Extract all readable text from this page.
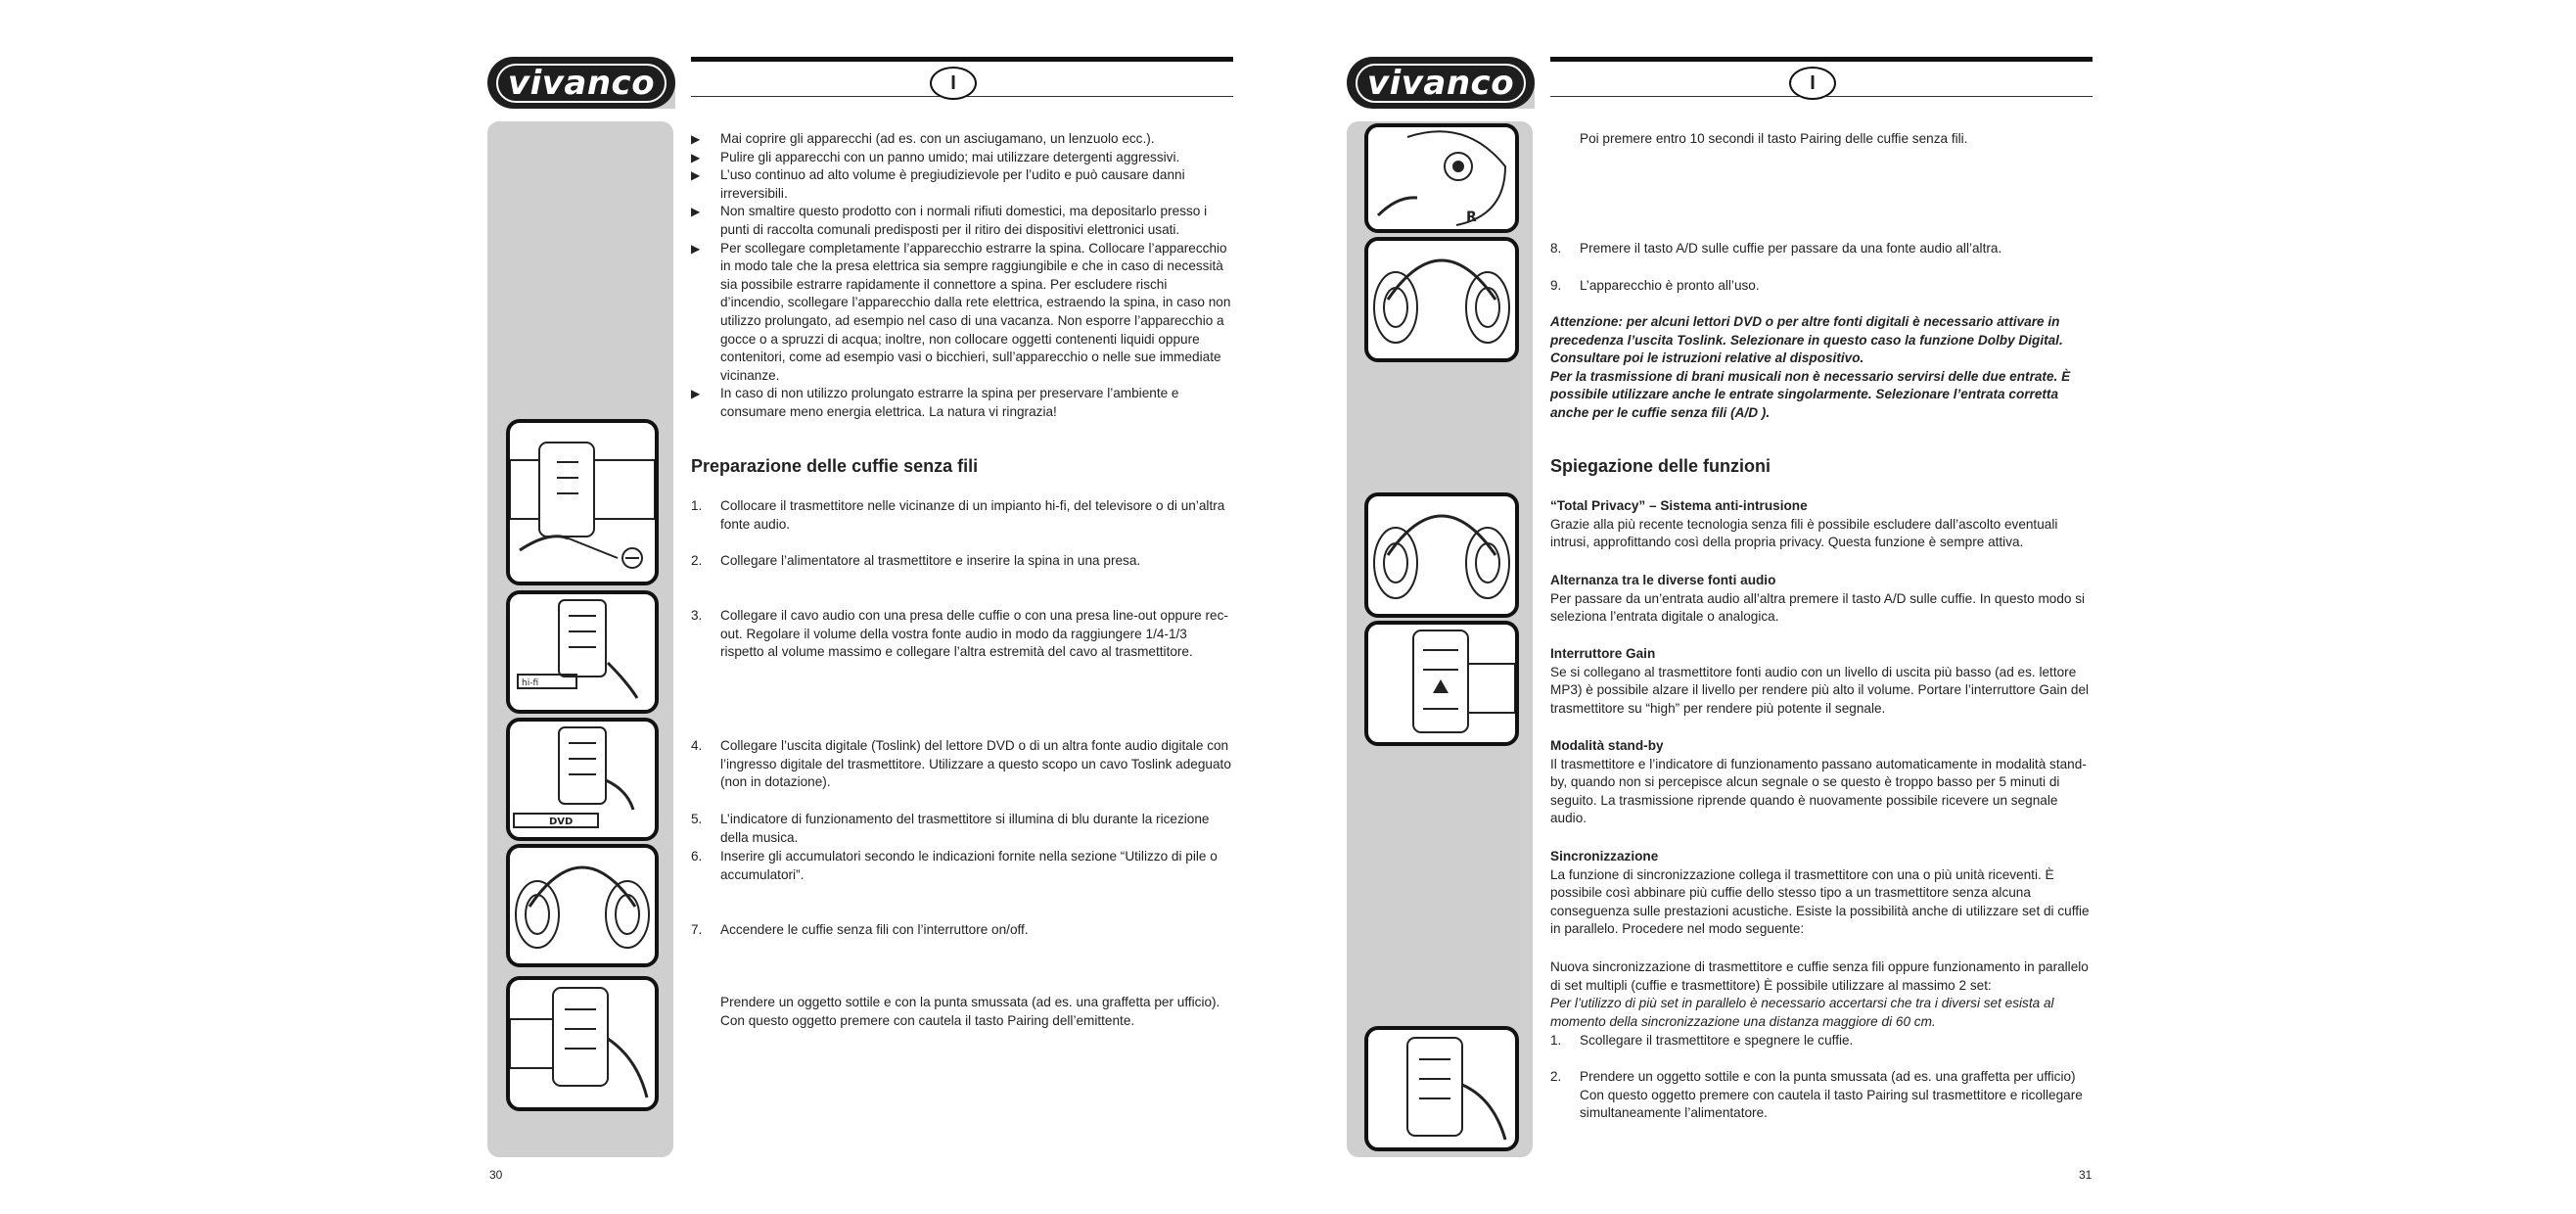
vivanco	I
hi-fi
DVD
▶	Mai coprire gli apparecchi (ad es. con un asciugamano, un lenzuolo ecc.).
▶	Pulire gli apparecchi con un panno umido; mai utilizzare detergenti aggressivi.
▶	L’uso continuo ad alto volume è pregiudizievole per l’udito e può causare danni irreversibili.
▶	Non smaltire questo prodotto con i normali rifiuti domestici, ma depositarlo presso i punti di raccolta comunali predisposti per il ritiro dei dispositivi elettronici usati.
▶	Per scollegare completamente l’apparecchio estrarre la spina. Collocare l’apparecchio in modo tale che la presa elettrica sia sempre raggiungibile e che in caso di necessità sia possibile estrarre rapidamente il connettore a spina. Per escludere rischi d’incendio, scollegare l’apparecchio dalla rete elettrica, estraendo la spina, in caso non utilizzo prolungato, ad esempio nel caso di una vacanza. Non esporre l’apparecchio a gocce o a spruzzi di acqua; inoltre, non collocare oggetti contenenti liquidi oppure contenitori, come ad esempio vasi o bicchieri, sull’apparecchio o nelle sue immediate vicinanze.
▶	In caso di non utilizzo prolungato estrarre la spina per preservare l’ambiente e consumare meno energia elettrica. La natura vi ringrazia!
Preparazione delle cuffie senza fili
1.	Collocare il trasmettitore nelle vicinanze di un impianto hi-fi, del televisore o di un’altra fonte audio.
2.	Collegare l’alimentatore al trasmettitore e inserire la spina in una presa.
3.	Collegare il cavo audio con una presa delle cuffie o con una presa line-out oppure rec-out. Regolare il volume della vostra fonte audio in modo da raggiungere 1/4-1/3 rispetto al volume massimo e collegare l’altra estremità del cavo al trasmettitore.
4.	Collegare l’uscita digitale (Toslink) del lettore DVD o di un altra fonte audio digitale con l’ingresso digitale del trasmettitore. Utilizzare a questo scopo un cavo Toslink adeguato (non in dotazione).
5.	L’indicatore di funzionamento del trasmettitore si illumina di blu durante la ricezione della musica.
6.	Inserire gli accumulatori secondo le indicazioni fornite nella sezione “Utilizzo di pile o accumulatori”.
7.	Accendere le cuffie senza fili con l’interruttore on/off.
Prendere un oggetto sottile e con la punta smussata (ad es. una graffetta per ufficio). Con questo oggetto premere con cautela il tasto Pairing dell’emittente.
30
vivanco	I
R
Poi premere entro 10 secondi il tasto Pairing delle cuffie senza fili.
8.	Premere il tasto A/D sulle cuffie per passare da una fonte audio all’altra.
9.	L’apparecchio è pronto all’uso.
Attenzione: per alcuni lettori DVD o per altre fonti digitali è necessario attivare in precedenza l’uscita Toslink. Selezionare in questo caso la funzione Dolby Digital. Consultare poi le istruzioni relative al dispositivo.
Per la trasmissione di brani musicali non è necessario servirsi delle due entrate. È possibile utilizzare anche le entrate singolarmente. Selezionare l’entrata corretta anche per le cuffie senza fili (A/D ).
Spiegazione delle funzioni
“Total Privacy” – Sistema anti-intrusione
Grazie alla più recente tecnologia senza fili è possibile escludere dall’ascolto eventuali intrusi, approfittando così della propria privacy. Questa funzione è sempre attiva.
Alternanza tra le diverse fonti audio
Per passare da un’entrata audio all’altra premere il tasto A/D sulle cuffie. In questo modo si seleziona l’entrata digitale o analogica.
Interruttore Gain
Se si collegano al trasmettitore fonti audio con un livello di uscita più basso (ad es. lettore MP3) è possibile alzare il livello per rendere più alto il volume. Portare l’interruttore Gain del trasmettitore su “high” per rendere più potente il segnale.
Modalità stand-by
Il trasmettitore e l’indicatore di funzionamento passano automaticamente in modalità stand-by, quando non si percepisce alcun segnale o se questo è troppo basso per 5 minuti di seguito. La trasmissione riprende quando è nuovamente possibile ricevere un segnale audio.
Sincronizzazione
La funzione di sincronizzazione collega il trasmettitore con una o più unità riceventi. È possibile così abbinare più cuffie dello stesso tipo a un trasmettitore senza alcuna conseguenza sulle prestazioni acustiche. Esiste la possibilità anche di utilizzare set di cuffie in parallelo. Procedere nel modo seguente:
Nuova sincronizzazione di trasmettitore e cuffie senza fili oppure funzionamento in parallelo di set multipli (cuffie e trasmettitore) È possibile utilizzare al massimo 2 set:
Per l’utilizzo di più set in parallelo è necessario accertarsi che tra i diversi set esista al momento della sincronizzazione una distanza maggiore di 60 cm.
1.	Scollegare il trasmettitore e spegnere le cuffie.
2.	Prendere un oggetto sottile e con la punta smussata (ad es. una graffetta per ufficio) Con questo oggetto premere con cautela il tasto Pairing sul trasmettitore e ricollegare simultaneamente l’alimentatore.
31
